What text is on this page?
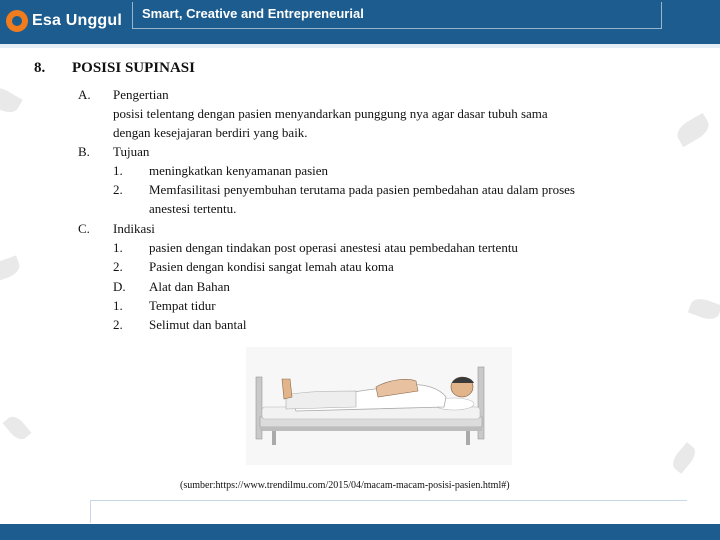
Esa Unggul Smart, Creative and Entrepreneurial
8. POSISI SUPINASI
A. Pengertian
posisi telentang dengan pasien menyandarkan punggung nya agar dasar tubuh sama
dengan kesejajaran berdiri yang baik.
B. Tujuan
1. meningkatkan kenyamanan pasien
2. Memfasilitasi penyembuhan terutama pada pasien pembedahan atau dalam proses
anestesi tertentu.
C. Indikasi
1. pasien dengan tindakan post operasi anestesi atau pembedahan tertentu
2. Pasien dengan kondisi sangat lemah atau koma
D. Alat dan Bahan
1. Tempat tidur
2. Selimut dan bantal
(sumber:https://www.trendilmu.com/2015/04/macam-macam-posisi-pasien.html#)
